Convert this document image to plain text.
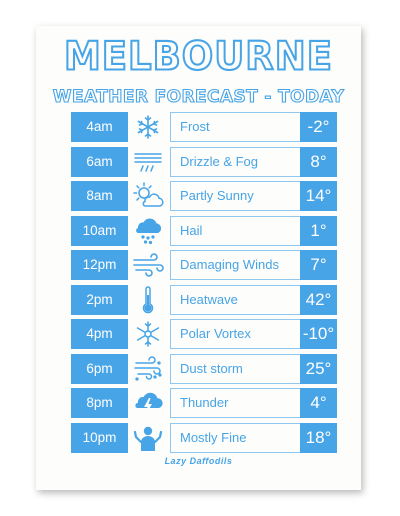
MELBOURNE
WEATHER FORECAST - TODAY
4am	Frost	-2°
6am	Drizzle & Fog	8°
8am	Partly Sunny	14°
10am	Hail	1°
12pm	Damaging Winds	7°
2pm	Heatwave	42°
4pm	Polar Vortex	-10°
6pm	Dust storm	25°
8pm	Thunder	4°
10pm	Mostly Fine	18°
Lazy Daffodils
